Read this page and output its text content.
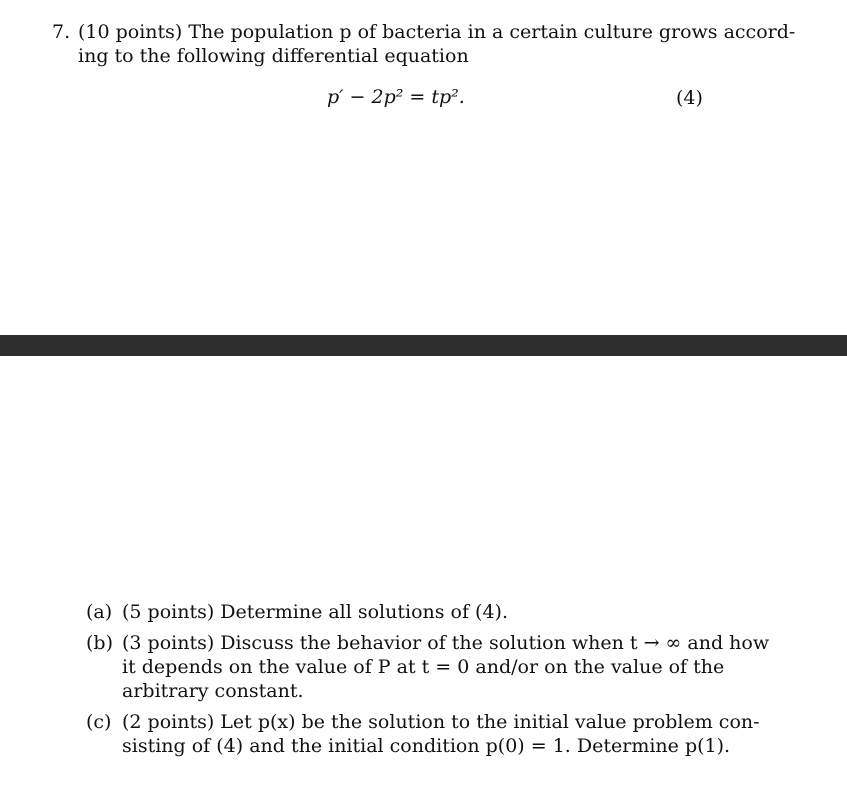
7. (10 points) The population p of bacteria in a certain culture grows accord-
ing to the following differential equation
p′ − 2p² = tp².	(4)
(a) (5 points) Determine all solutions of (4).
(b) (3 points) Discuss the behavior of the solution when t → ∞ and how
it depends on the value of P at t = 0 and/or on the value of the
arbitrary constant.
(c) (2 points) Let p(x) be the solution to the initial value problem con-
sisting of (4) and the initial condition p(0) = 1. Determine p(1).
